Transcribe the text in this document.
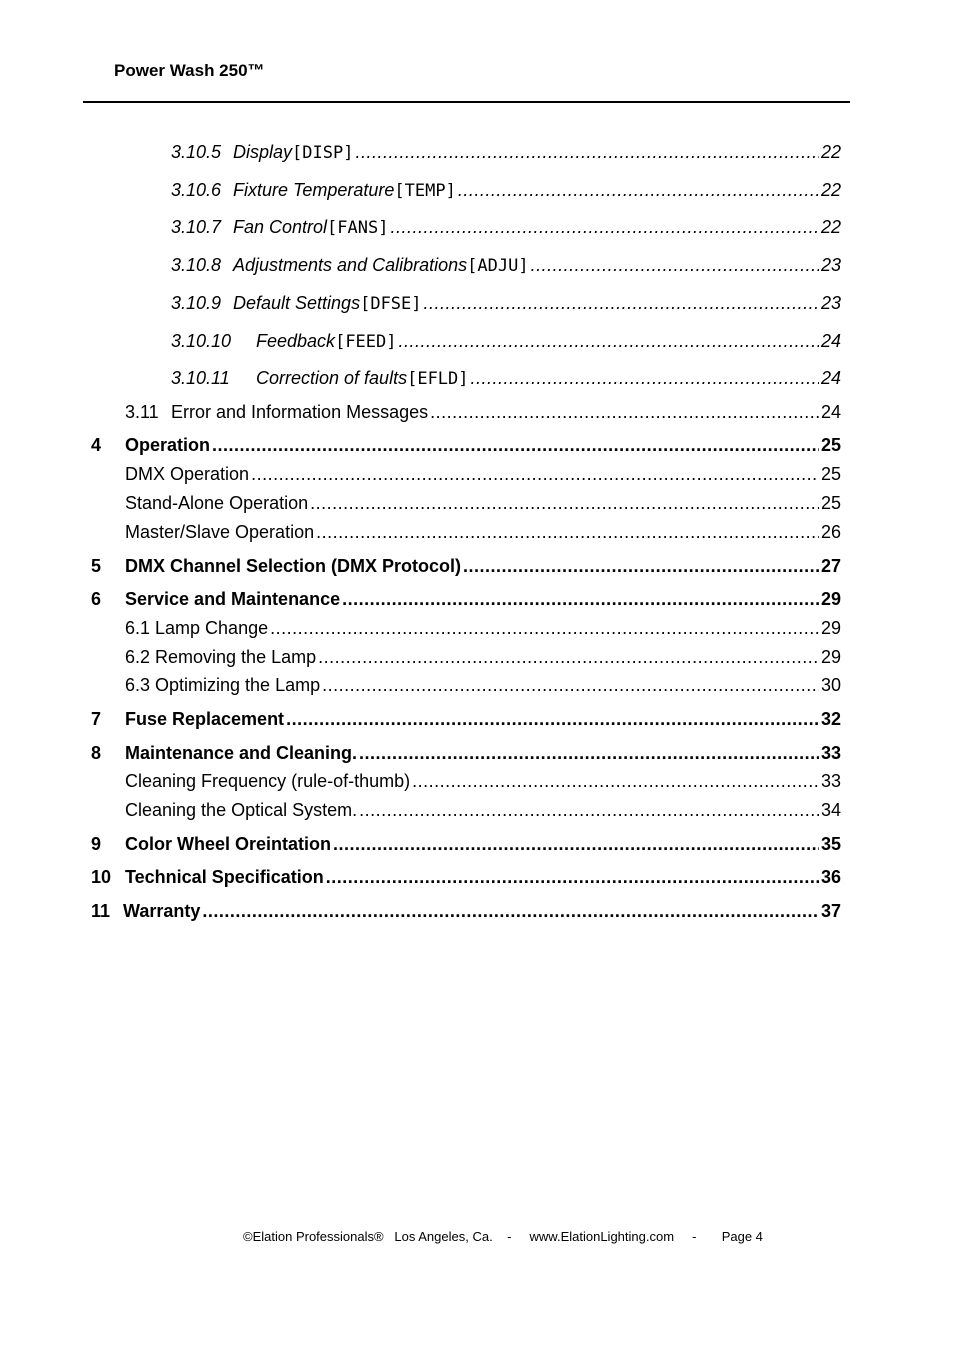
Power Wash 250™
3.10.5 Display [ DISP ] .....	22
3.10.6 Fixture Temperature [ TEMP ] .....	22
3.10.7 Fan Control [ FANS ] .....	22
3.10.8 Adjustments and Calibrations [ ADJU ] .....	23
3.10.9 Default Settings [ DFSE ] .....	23
3.10.10	Feedback [ FEED ] .....	24
3.10.11	Correction of faults [ EFLD ] .....	24
3.11 Error and Information Messages .....	24
4	Operation .....	25
DMX Operation .....	25
Stand-Alone Operation .....	25
Master/Slave Operation .....	26
5	DMX Channel Selection (DMX Protocol) .....	27
6	Service and Maintenance .....	29
6.1 Lamp Change .....	29
6.2 Removing the Lamp .....	29
6.3 Optimizing the Lamp .....	30
7	Fuse Replacement .....	32
8	Maintenance and Cleaning. .....	33
Cleaning Frequency (rule-of-thumb) .....	33
Cleaning the Optical System. .....	34
9	Color Wheel Oreintation .....	35
10 Technical Specification .....	36
11 Warranty .....	37
©Elation Professionals®   Los Angeles, Ca.    -     www.ElationLighting.com     -       Page 4
